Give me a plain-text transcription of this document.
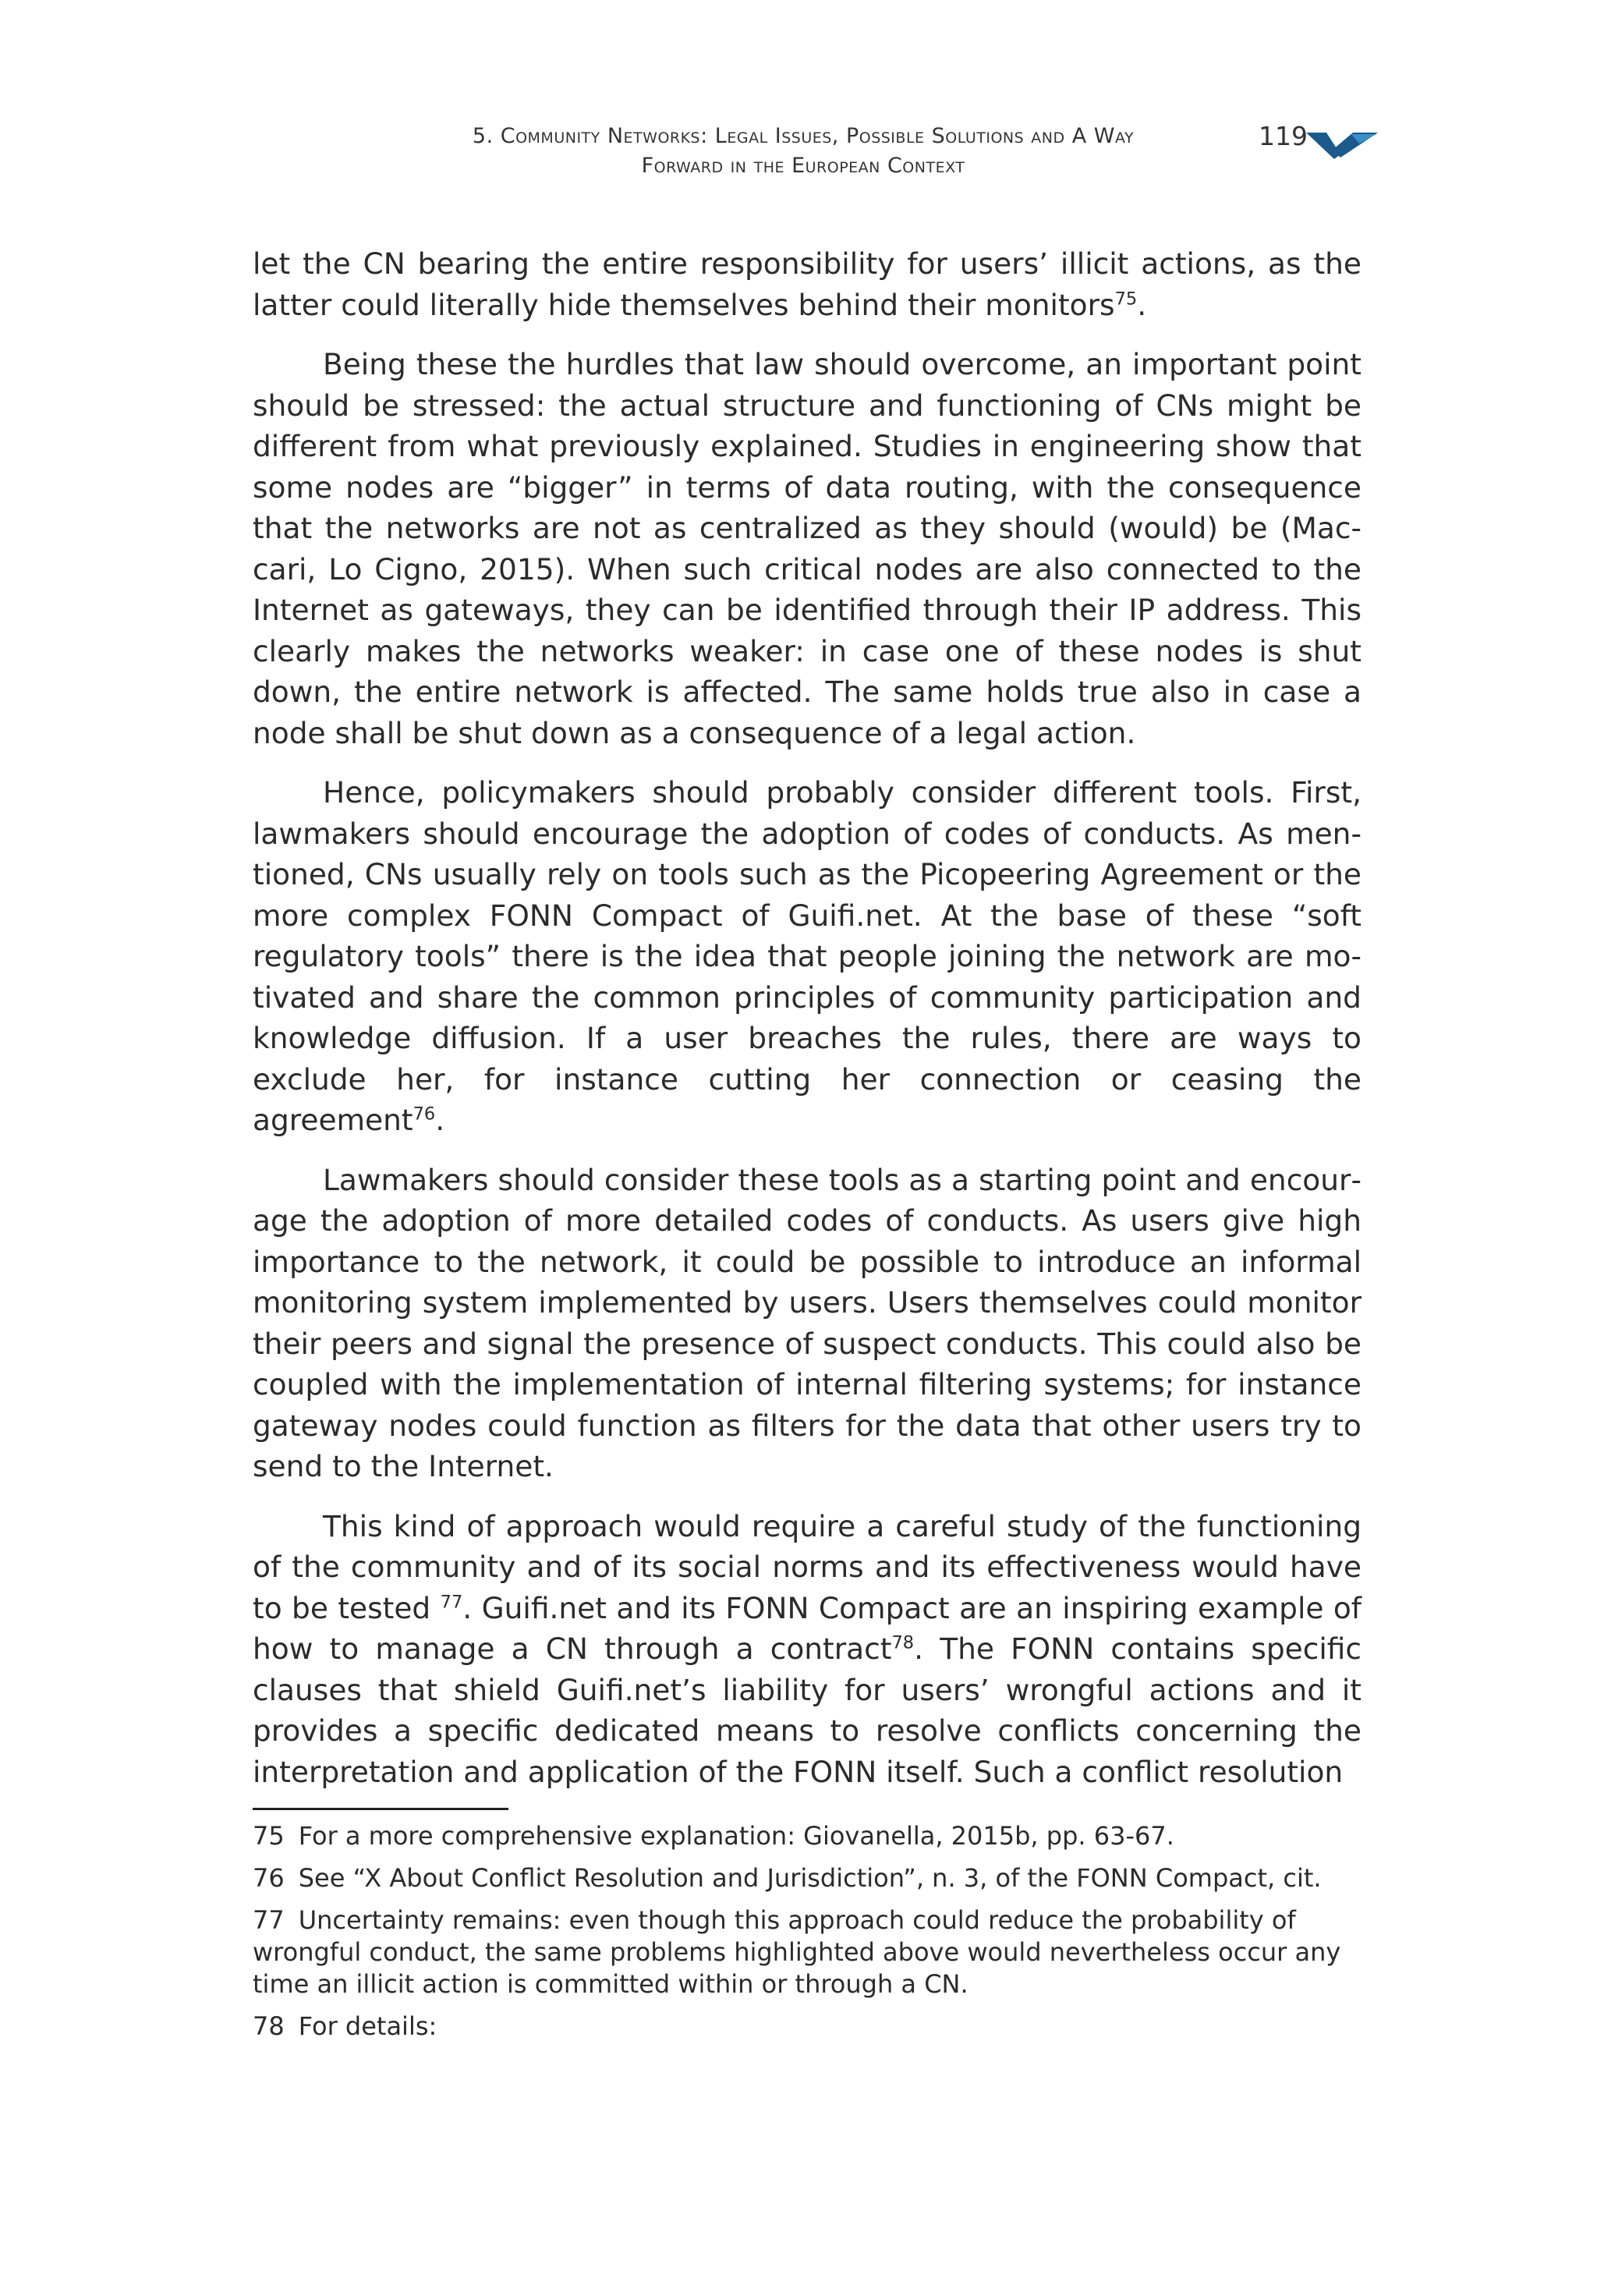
5. Community Networks: Legal Issues, Possible Solutions and A Way
Forward in the European Context
119

let the CN bearing the entire responsibility for users’ illicit actions, as the latter could literally hide themselves behind their monitors$^{75}$.

Being these the hurdles that law should overcome, an important point should be stressed: the actual structure and functioning of CNs might be different from what previously explained. Studies in engineering show that some nodes are “bigger” in terms of data routing, with the consequence that the networks are not as centralized as they should (would) be (Maccari, Lo Cigno, 2015). When such critical nodes are also connected to the Internet as gateways, they can be identified through their IP address. This clearly makes the networks weaker: in case one of these nodes is shut down, the entire network is affected. The same holds true also in case a node shall be shut down as a consequence of a legal action.

Hence, policymakers should probably consider different tools. First, lawmakers should encourage the adoption of codes of conducts. As mentioned, CNs usually rely on tools such as the Picopeering Agreement or the more complex FONN Compact of Guifi.net. At the base of these “soft regulatory tools” there is the idea that people joining the network are motivated and share the common principles of community participation and knowledge diffusion. If a user breaches the rules, there are ways to exclude her, for instance cutting her connection or ceasing the agreement$^{76}$.

Lawmakers should consider these tools as a starting point and encourage the adoption of more detailed codes of conducts. As users give high importance to the network, it could be possible to introduce an informal monitoring system implemented by users. Users themselves could monitor their peers and signal the presence of suspect conducts. This could also be coupled with the implementation of internal filtering systems; for instance gateway nodes could function as filters for the data that other users try to send to the Internet.

This kind of approach would require a careful study of the functioning of the community and of its social norms and its effectiveness would have to be tested $^{77}$. Guifi.net and its FONN Compact are an inspiring example of how to manage a CN through a contract$^{78}$. The FONN contains specific clauses that shield Guifi.net’s liability for users’ wrongful actions and it provides a specific dedicated means to resolve conflicts concerning the interpretation and application of the FONN itself. Such a conflict resolution

75 For a more comprehensive explanation: Giovanella, 2015b, pp. 63-67.
76 See “X About Conflict Resolution and Jurisdiction”, n. 3, of the FONN Compact, cit.
77 Uncertainty remains: even though this approach could reduce the probability of wrongful conduct, the same problems highlighted above would nevertheless occur any time an illicit action is committed within or through a CN.
78 For details:
